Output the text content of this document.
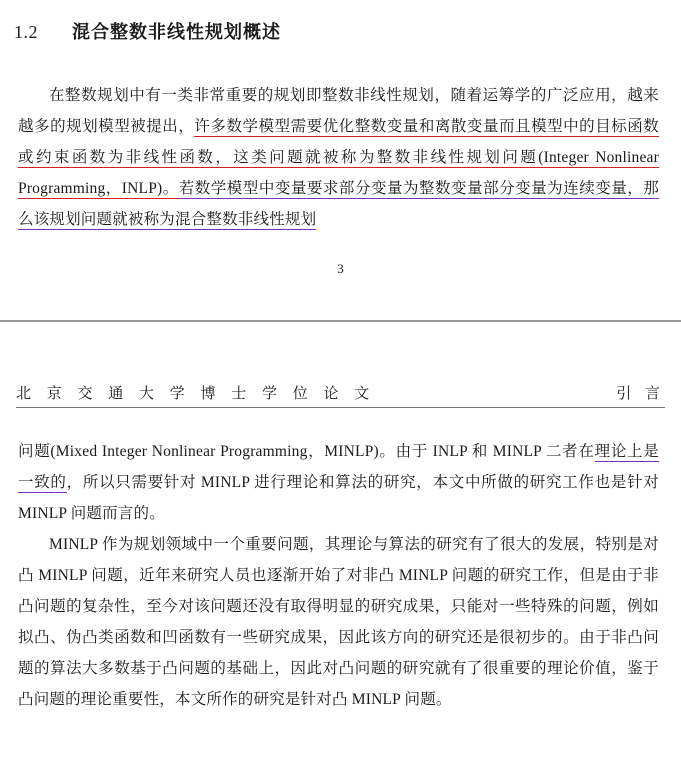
1.2 混合整数非线性规划概述

在整数规划中有一类非常重要的规划即整数非线性规划，随着运筹学的广泛应用，越来越多的规划模型被提出，许多数学模型需要优化整数变量和离散变量而且模型中的目标函数或约束函数为非线性函数，这类问题就被称为整数非线性规划问题(Integer Nonlinear Programming，INLP)。若数学模型中变量要求部分变量为整数变量部分变量为连续变量，那么该规划问题就被称为混合整数非线性规划

3
北 京 交 通 大 学 博 士 学 位 论 文	引 言

问题(Mixed Integer Nonlinear Programming，MINLP)。由于 INLP 和 MINLP 二者在理论上是一致的，所以只需要针对 MINLP 进行理论和算法的研究，本文中所做的研究工作也是针对 MINLP 问题而言的。

MINLP 作为规划领域中一个重要问题，其理论与算法的研究有了很大的发展，特别是对凸 MINLP 问题，近年来研究人员也逐渐开始了对非凸 MINLP 问题的研究工作，但是由于非凸问题的复杂性，至今对该问题还没有取得明显的研究成果，只能对一些特殊的问题，例如拟凸、伪凸类函数和凹函数有一些研究成果，因此该方向的研究还是很初步的。由于非凸问题的算法大多数基于凸问题的基础上，因此对凸问题的研究就有了很重要的理论价值，鉴于凸问题的理论重要性，本文所作的研究是针对凸 MINLP 问题。
